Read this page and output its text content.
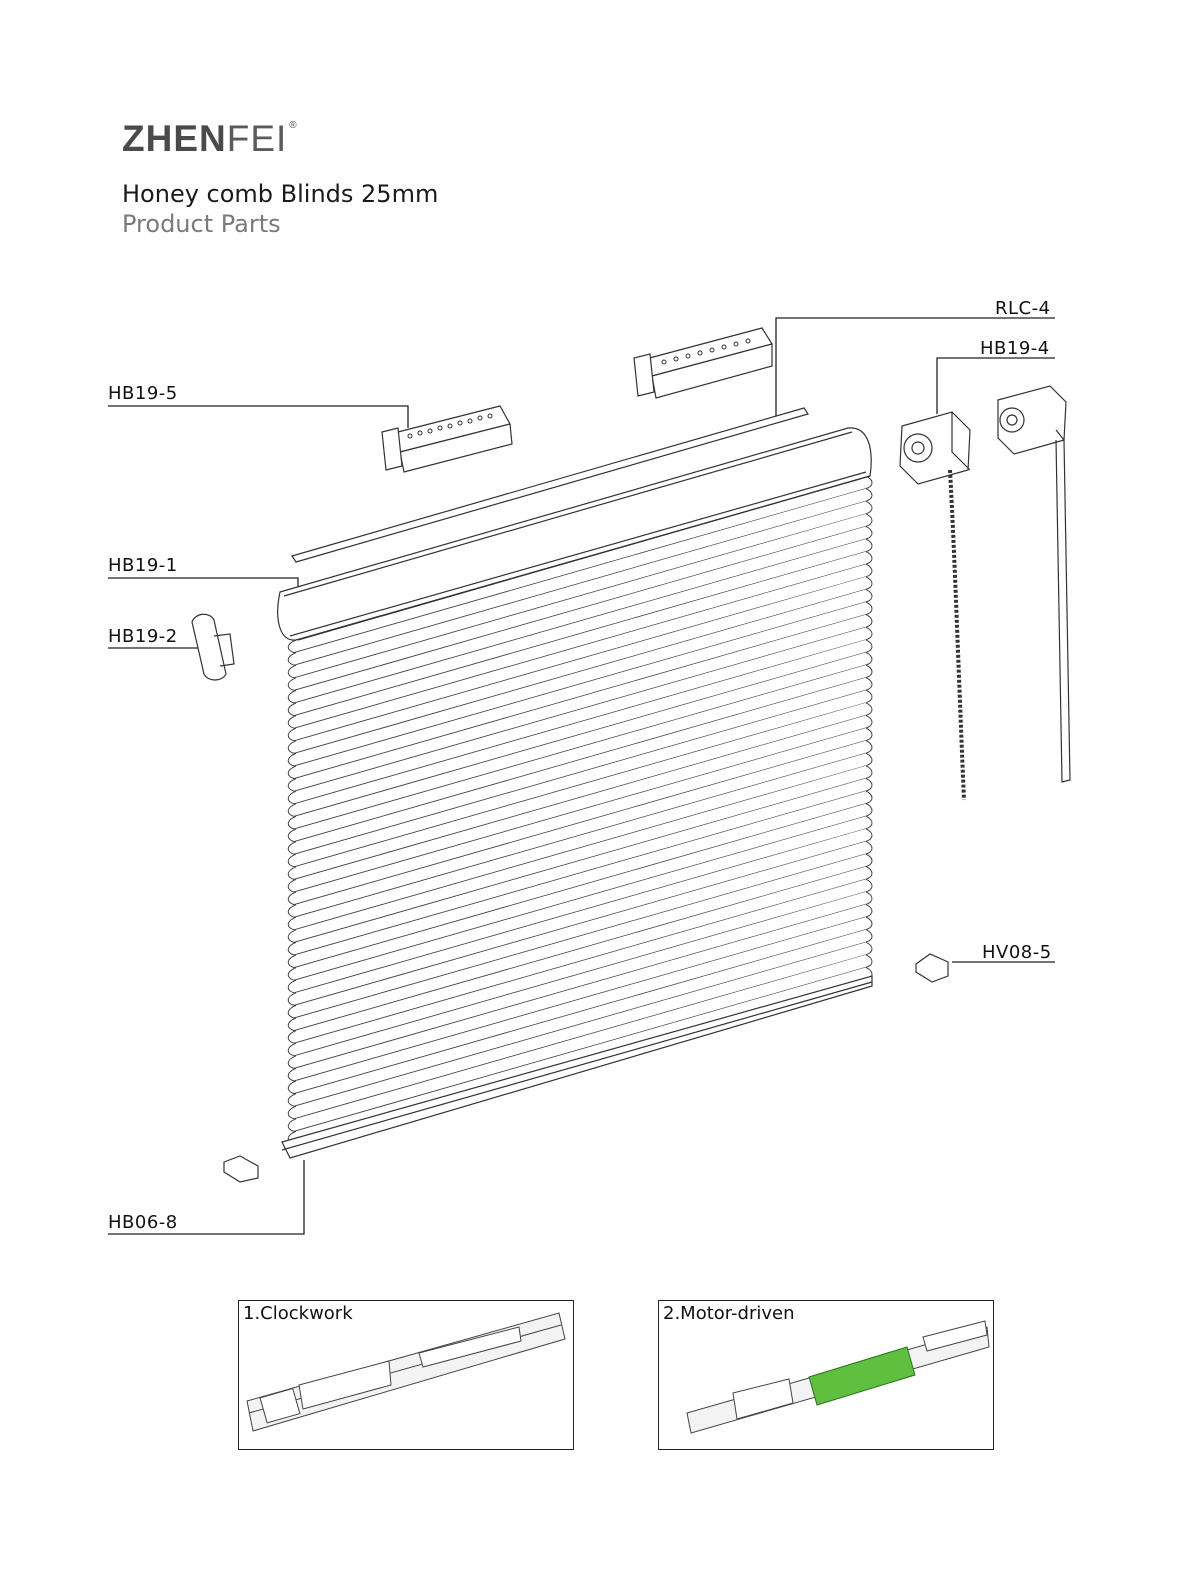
ZHENFEI ®
Honey comb Blinds 25mm
Product Parts
RLC-4
HB19-4
HB19-5
HB19-1
HB19-2
HV08-5
HB06-8
1.Clockwork	2.Motor-driven
